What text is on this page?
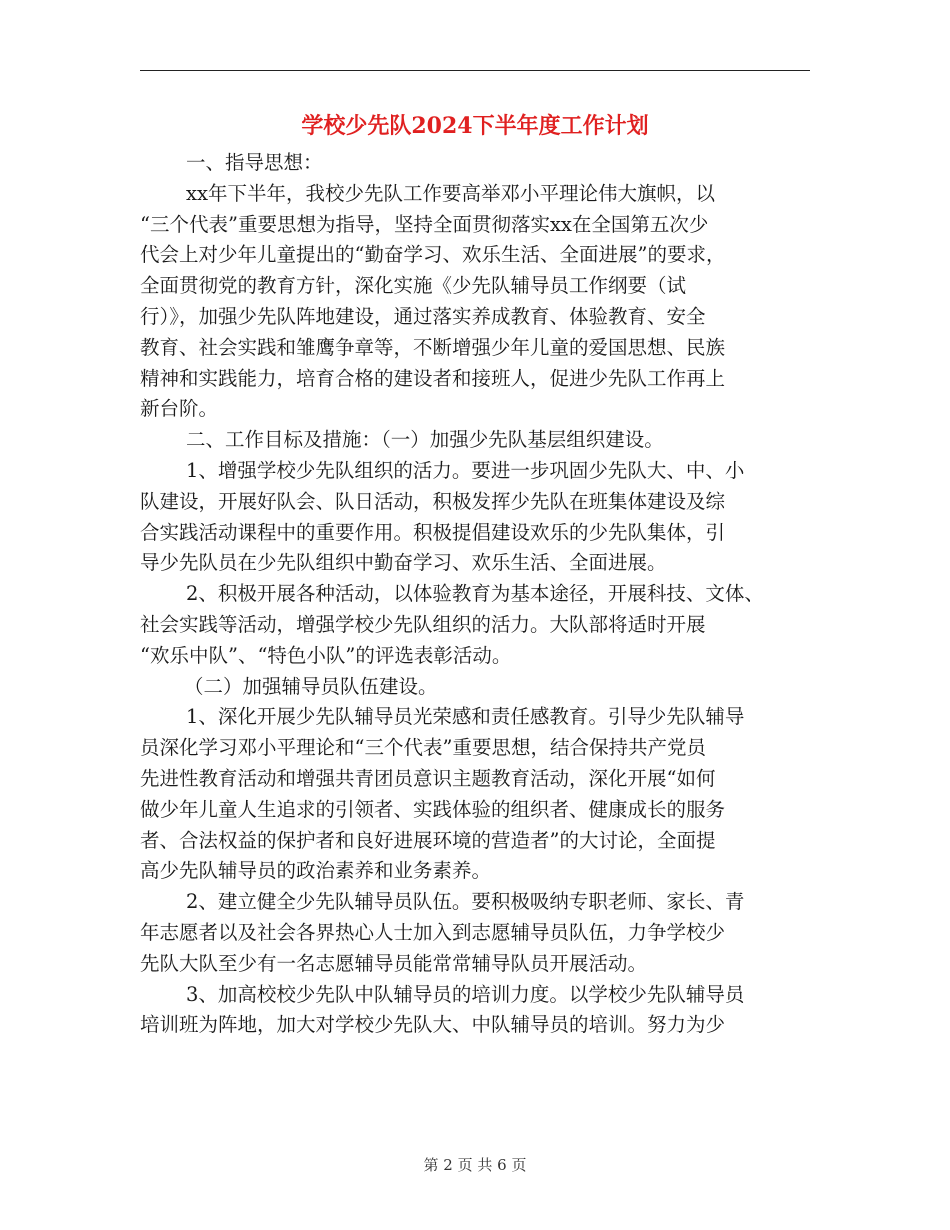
学校少先队2024下半年度工作计划
一、指导思想：
xx年下半年，我校少先队工作要高举邓小平理论伟大旗帜，以
“三个代表”重要思想为指导，坚持全面贯彻落实xx在全国第五次少
代会上对少年儿童提出的“勤奋学习、欢乐生活、全面进展”的要求，
全面贯彻党的教育方针，深化实施《少先队辅导员工作纲要（试
行）》，加强少先队阵地建设，通过落实养成教育、体验教育、安全
教育、社会实践和雏鹰争章等，不断增强少年儿童的爱国思想、民族
精神和实践能力，培育合格的建设者和接班人，促进少先队工作再上
新台阶。
二、工作目标及措施：（一）加强少先队基层组织建设。
1、增强学校少先队组织的活力。要进一步巩固少先队大、中、小
队建设，开展好队会、队日活动，积极发挥少先队在班集体建设及综
合实践活动课程中的重要作用。积极提倡建设欢乐的少先队集体，引
导少先队员在少先队组织中勤奋学习、欢乐生活、全面进展。
2、积极开展各种活动，以体验教育为基本途径，开展科技、文体、
社会实践等活动，增强学校少先队组织的活力。大队部将适时开展
“欢乐中队”、“特色小队”的评选表彰活动。
（二）加强辅导员队伍建设。
1、深化开展少先队辅导员光荣感和责任感教育。引导少先队辅导
员深化学习邓小平理论和“三个代表”重要思想，结合保持共产党员
先进性教育活动和增强共青团员意识主题教育活动，深化开展“如何
做少年儿童人生追求的引领者、实践体验的组织者、健康成长的服务
者、合法权益的保护者和良好进展环境的营造者”的大讨论，全面提
高少先队辅导员的政治素养和业务素养。
2、建立健全少先队辅导员队伍。要积极吸纳专职老师、家长、青
年志愿者以及社会各界热心人士加入到志愿辅导员队伍，力争学校少
先队大队至少有一名志愿辅导员能常常辅导队员开展活动。
3、加高校校少先队中队辅导员的培训力度。以学校少先队辅导员
培训班为阵地，加大对学校少先队大、中队辅导员的培训。努力为少
第 2 页 共 6 页
